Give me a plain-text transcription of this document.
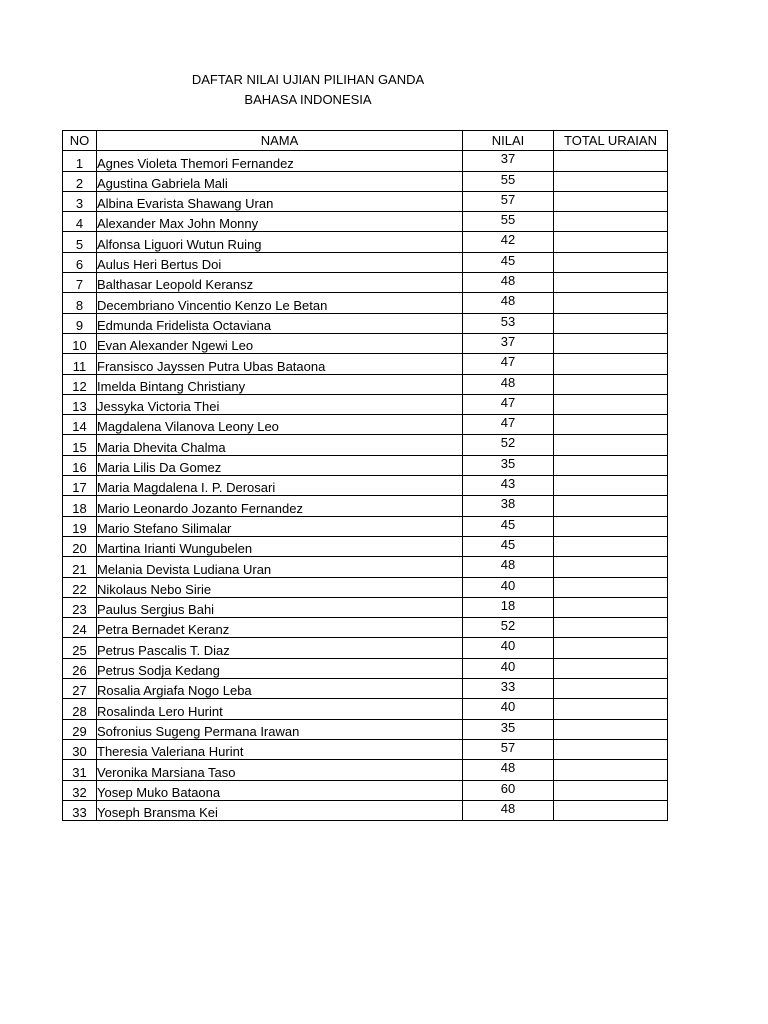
DAFTAR NILAI UJIAN PILIHAN GANDA
BAHASA INDONESIA
NO	NAMA	NILAI	TOTAL URAIAN
1	Agnes Violeta Themori Fernandez	37	
2	Agustina Gabriela Mali	55	
3	Albina Evarista Shawang Uran	57	
4	Alexander Max John Monny	55	
5	Alfonsa Liguori Wutun Ruing	42	
6	Aulus Heri Bertus Doi	45	
7	Balthasar Leopold Keransz	48	
8	Decembriano Vincentio Kenzo Le Betan	48	
9	Edmunda Fridelista Octaviana	53	
10	Evan Alexander Ngewi Leo	37	
11	Fransisco Jayssen Putra Ubas Bataona	47	
12	Imelda Bintang Christiany	48	
13	Jessyka Victoria Thei	47	
14	Magdalena Vilanova Leony Leo	47	
15	Maria Dhevita Chalma	52	
16	Maria Lilis Da Gomez	35	
17	Maria Magdalena I. P. Derosari	43	
18	Mario Leonardo Jozanto Fernandez	38	
19	Mario Stefano Silimalar	45	
20	Martina Irianti Wungubelen	45	
21	Melania Devista Ludiana Uran	48	
22	Nikolaus Nebo Sirie	40	
23	Paulus Sergius Bahi	18	
24	Petra Bernadet Keranz	52	
25	Petrus Pascalis T. Diaz	40	
26	Petrus Sodja Kedang	40	
27	Rosalia Argiafa Nogo Leba	33	
28	Rosalinda Lero Hurint	40	
29	Sofronius Sugeng Permana Irawan	35	
30	Theresia Valeriana Hurint	57	
31	Veronika Marsiana Taso	48	
32	Yosep Muko Bataona	60	
33	Yoseph Bransma Kei	48	
